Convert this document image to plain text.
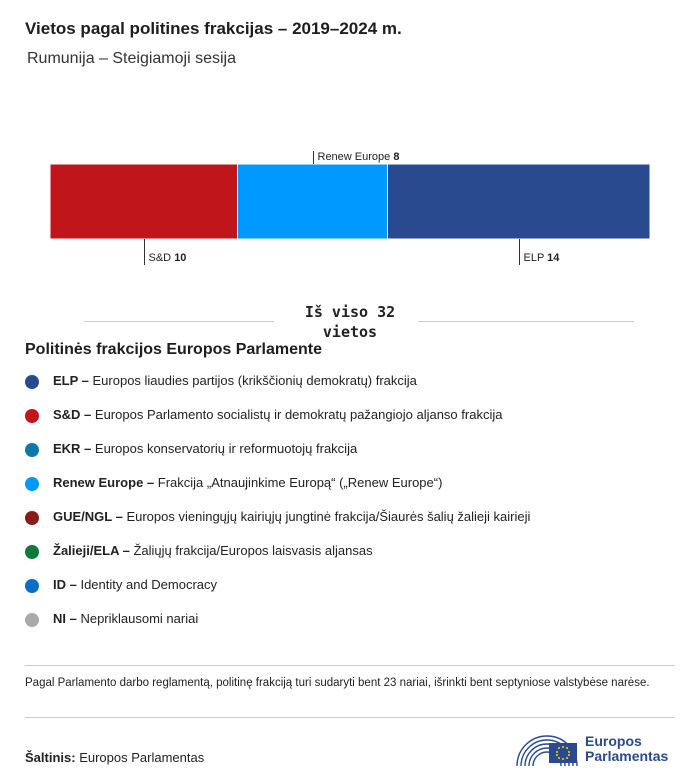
Vietos pagal politines frakcijas – 2019–2024 m.
Rumunija – Steigiamoji sesija
S&D 10
Renew Europe 8
ELP 14
Iš viso 32
vietos
Politinės frakcijos Europos Parlamente
ELP – Europos liaudies partijos (krikščionių demokratų) frakcija
S&D – Europos Parlamento socialistų ir demokratų pažangiojo aljanso frakcija
EKR – Europos konservatorių ir reformuotojų frakcija
Renew Europe – Frakcija „Atnaujinkime Europą“ („Renew Europe“)
GUE/NGL – Europos vieningųjų kairiųjų jungtinė frakcija/Šiaurės šalių žalieji kairieji
Žalieji/ELA – Žaliųjų frakcija/Europos laisvasis aljansas
ID – Identity and Democracy
NI – Nepriklausomi nariai
Pagal Parlamento darbo reglamentą, politinę frakciją turi sudaryti bent 23 nariai, išrinkti bent septyniose valstybėse narėse.
Šaltinis: Europos Parlamentas
Europos
Parlamentas
